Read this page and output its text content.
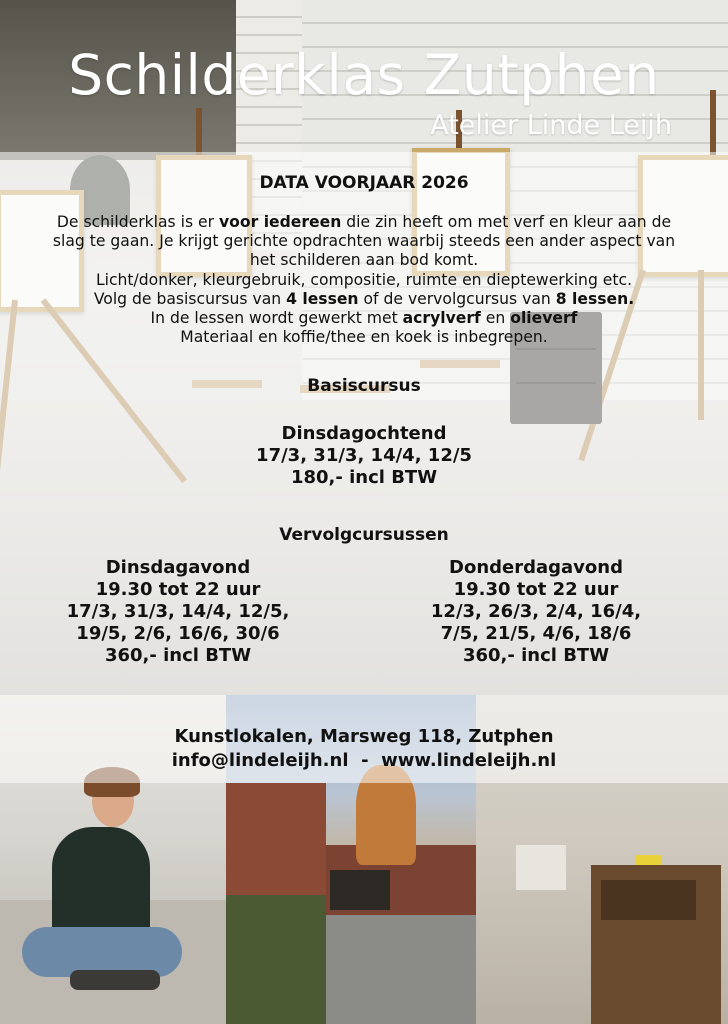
Schilderklas Zutphen
Atelier Linde Leijh
DATA VOORJAAR 2026

De schilderklas is er voor iedereen die zin heeft om met verf en kleur aan de

slag te gaan. Je krijgt gerichte opdrachten waarbij steeds een ander aspect van

het schilderen aan bod komt.

Licht/donker, kleurgebruik, compositie, ruimte en dieptewerking etc.

Volg de basiscursus van 4 lessen of de vervolgcursus van 8 lessen.

In de lessen wordt gewerkt met acrylverf en olieverf

Materiaal en koffie/thee en koek is inbegrepen.

Basiscursus
Dinsdagochtend
17/3, 31/3, 14/4, 12/5
180,- incl BTW
Vervolgcursussen
Dinsdagavond
19.30 tot 22 uur
17/3, 31/3, 14/4, 12/5,
19/5, 2/6, 16/6, 30/6
360,- incl BTW
Donderdagavond
19.30 tot 22 uur
12/3, 26/3, 2/4, 16/4,
7/5, 21/5, 4/6, 18/6
360,- incl BTW
Kunstlokalen, Marsweg 118, Zutphen
info@lindeleijh.nl - www.lindeleijh.nl
